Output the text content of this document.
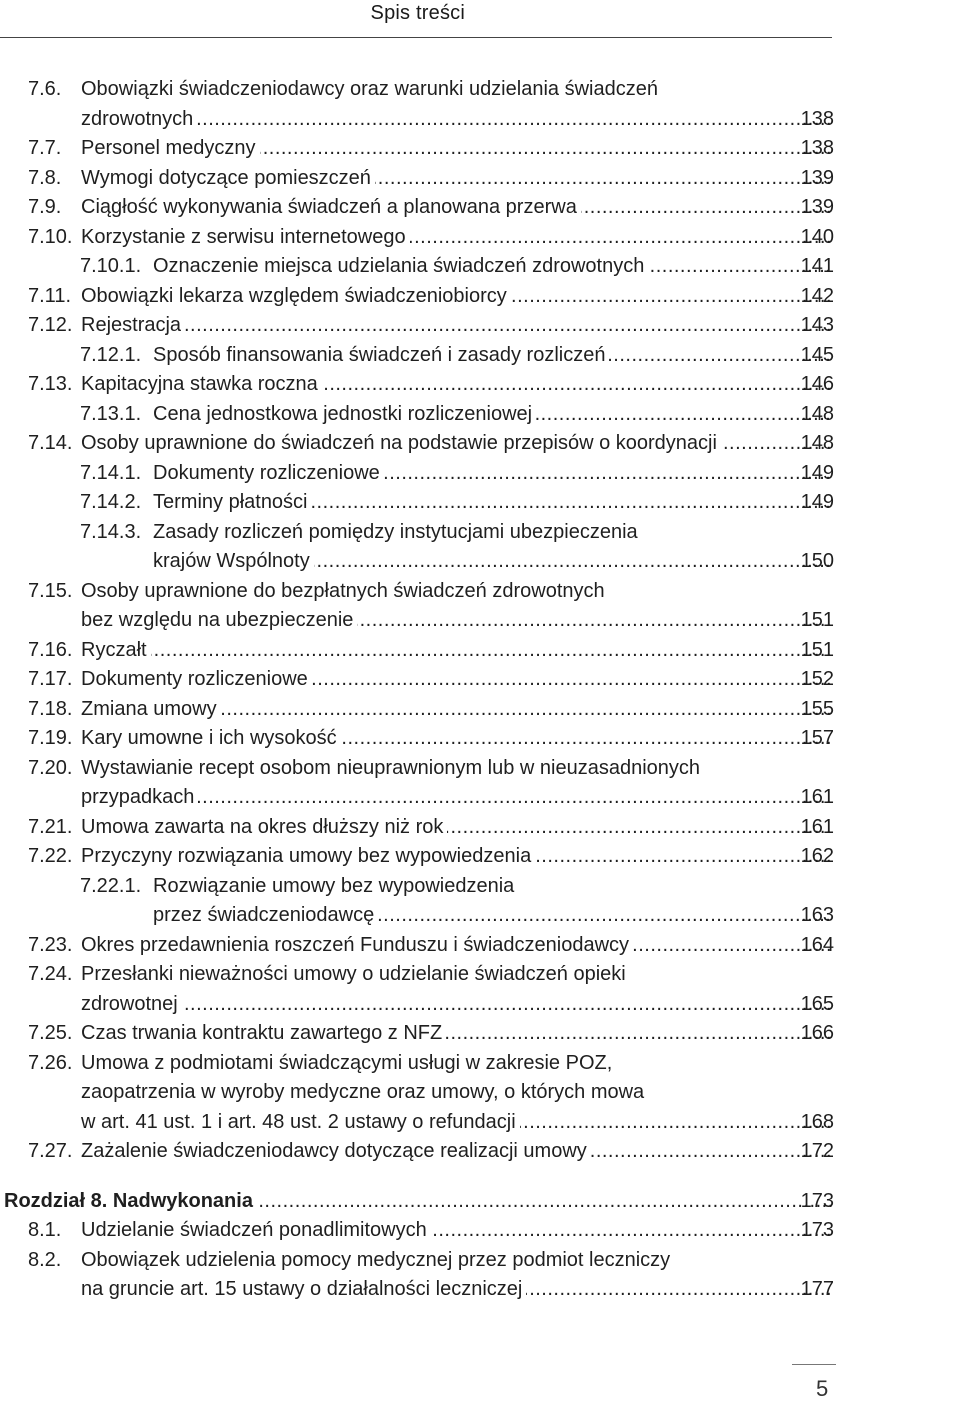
Spis treści
7.6. Obowiązki świadczeniodawcy oraz warunki udzielania świadczeń
zdrowotnych .....	138
7.7. Personel medyczny .....	138
7.8. Wymogi dotyczące pomieszczeń .....	139
7.9. Ciągłość wykonywania świadczeń a planowana przerwa .....	139
7.10. Korzystanie z serwisu internetowego .....	140
7.10.1. Oznaczenie miejsca udzielania świadczeń zdrowotnych .....	141
7.11. Obowiązki lekarza względem świadczeniobiorcy .....	142
7.12. Rejestracja .....	143
7.12.1. Sposób finansowania świadczeń i zasady rozliczeń .....	145
7.13. Kapitacyjna stawka roczna .....	146
7.13.1. Cena jednostkowa jednostki rozliczeniowej .....	148
7.14. Osoby uprawnione do świadczeń na podstawie przepisów o koordynacji .....	148
7.14.1. Dokumenty rozliczeniowe .....	149
7.14.2. Terminy płatności .....	149
7.14.3. Zasady rozliczeń pomiędzy instytucjami ubezpieczenia
krajów Wspólnoty .....	150
7.15. Osoby uprawnione do bezpłatnych świadczeń zdrowotnych
bez względu na ubezpieczenie .....	151
7.16. Ryczałt .....	151
7.17. Dokumenty rozliczeniowe .....	152
7.18. Zmiana umowy .....	155
7.19. Kary umowne i ich wysokość .....	157
7.20. Wystawianie recept osobom nieuprawnionym lub w nieuzasadnionych
przypadkach .....	161
7.21. Umowa zawarta na okres dłuższy niż rok .....	161
7.22. Przyczyny rozwiązania umowy bez wypowiedzenia .....	162
7.22.1. Rozwiązanie umowy bez wypowiedzenia
przez świadczeniodawcę .....	163
7.23. Okres przedawnienia roszczeń Funduszu i świadczeniodawcy .....	164
7.24. Przesłanki nieważności umowy o udzielanie świadczeń opieki
zdrowotnej .....	165
7.25. Czas trwania kontraktu zawartego z NFZ .....	166
7.26. Umowa z podmiotami świadczącymi usługi w zakresie POZ,
zaopatrzenia w wyroby medyczne oraz umowy, o których mowa
w art. 41 ust. 1 i art. 48 ust. 2 ustawy o refundacji .....	168
7.27. Zażalenie świadczeniodawcy dotyczące realizacji umowy .....	172
Rozdział 8. Nadwykonania .....	173
8.1. Udzielanie świadczeń ponadlimitowych .....	173
8.2. Obowiązek udzielenia pomocy medycznej przez podmiot leczniczy
na gruncie art. 15 ustawy o działalności leczniczej .....	177
5
